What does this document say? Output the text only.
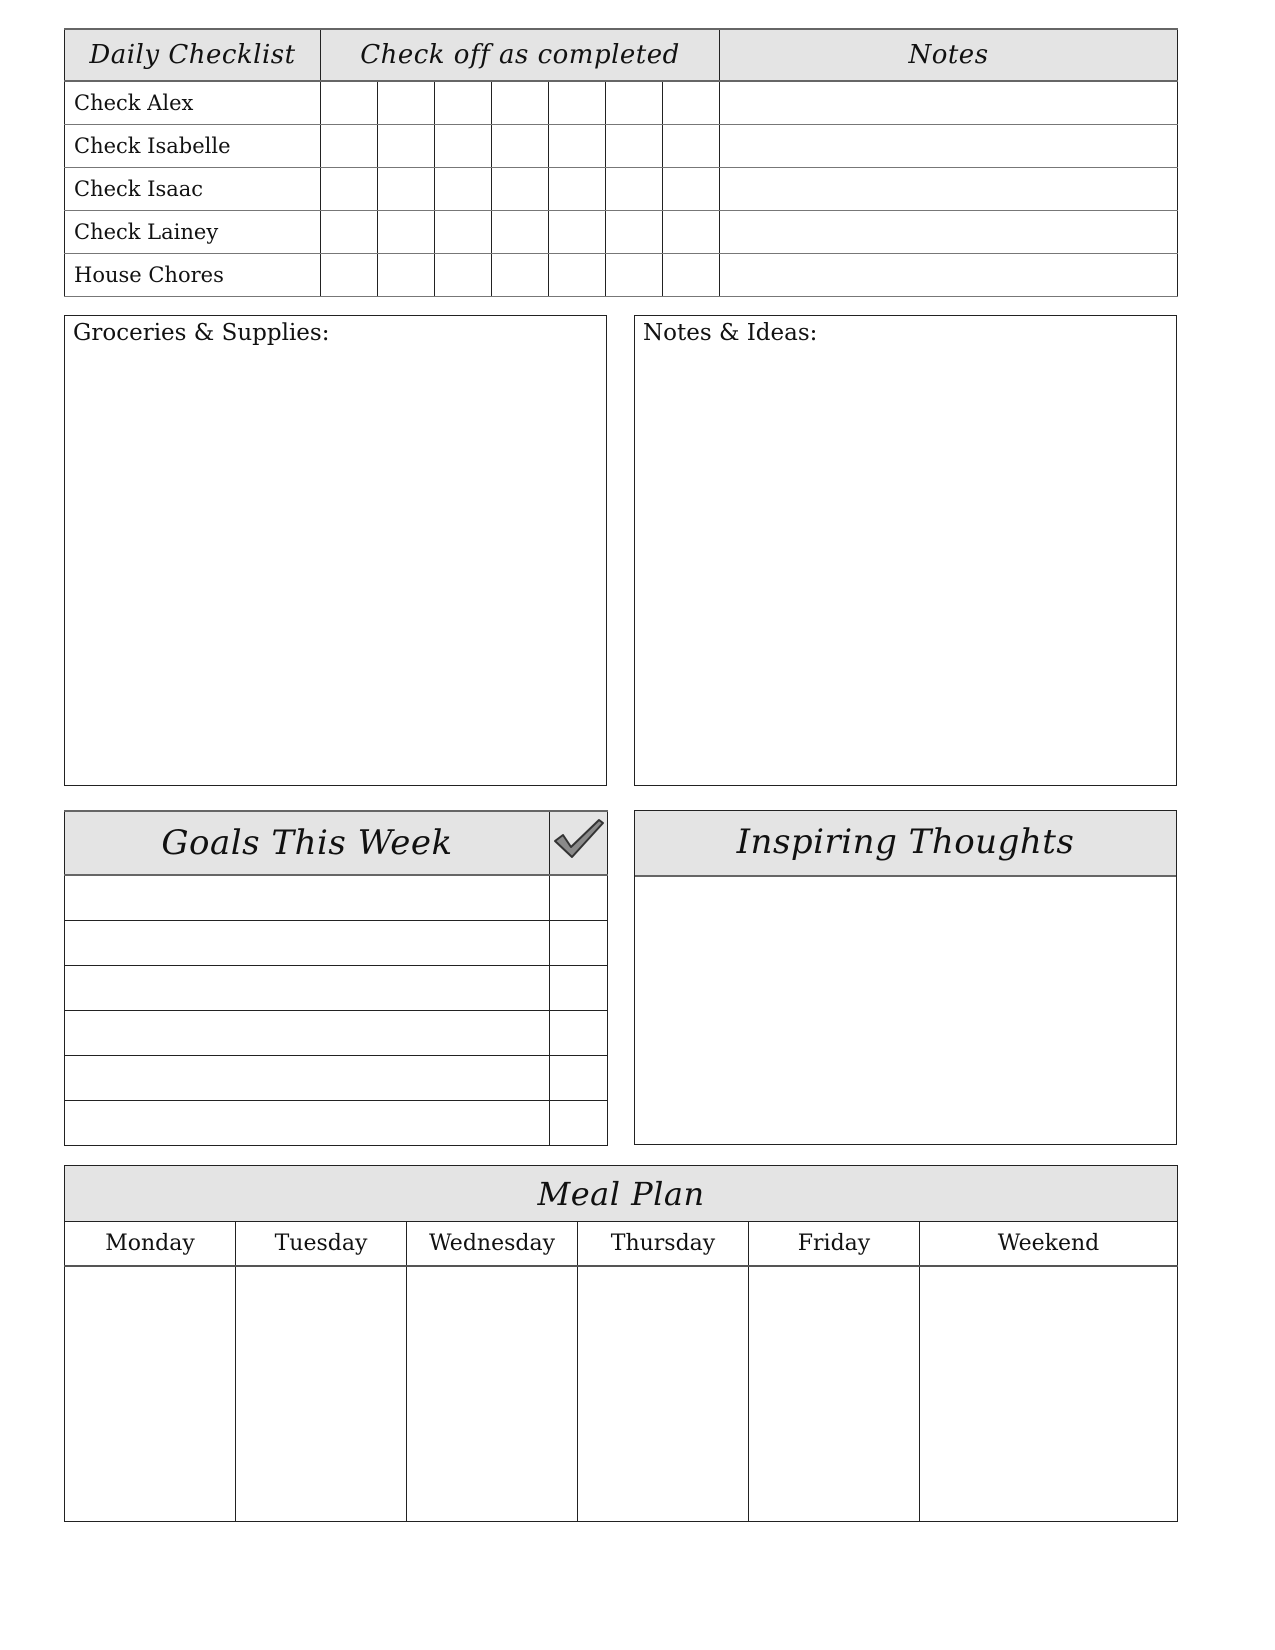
Daily Checklist	Check off as completed							Notes
Check Alex								
Check Isabelle								
Check Isaac								
Check Lainey								
House Chores								
Groceries & Supplies:	Notes & Ideas:
Goals This Week	

		Inspiring Thoughts
Meal Plan					
Monday	Tuesday	Wednesday	Thursday	Friday	Weekend
